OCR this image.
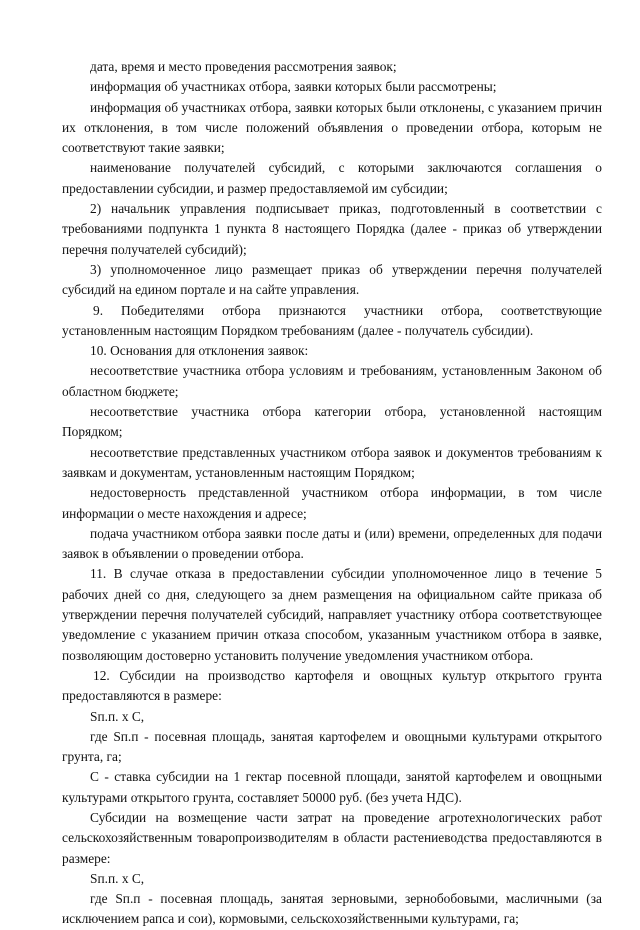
дата, время и место проведения рассмотрения заявок;

информация об участниках отбора, заявки которых были рассмотрены;

информация об участниках отбора, заявки которых были отклонены, с указанием причин их отклонения, в том числе положений объявления о проведении отбора, которым не соответствуют такие заявки;

наименование получателей субсидий, с которыми заключаются соглашения о предоставлении субсидии, и размер предоставляемой им субсидии;

2) начальник управления подписывает приказ, подготовленный в соответствии с требованиями подпункта 1 пункта 8 настоящего Порядка (далее - приказ об утверждении перечня получателей субсидий);

3) уполномоченное лицо размещает приказ об утверждении перечня получателей субсидий на едином портале и на сайте управления.

9. Победителями отбора признаются участники отбора, соответствующие установленным настоящим Порядком требованиям (далее - получатель субсидии).

10. Основания для отклонения заявок:

несоответствие участника отбора условиям и требованиям, установленным Законом об областном бюджете;

несоответствие участника отбора категории отбора, установленной настоящим Порядком;

несоответствие представленных участником отбора заявок и документов требованиям к заявкам и документам, установленным настоящим Порядком;

недостоверность представленной участником отбора информации, в том числе информации о месте нахождения и адресе;

подача участником отбора заявки после даты и (или) времени, определенных для подачи заявок в объявлении о проведении отбора.

11. В случае отказа в предоставлении субсидии уполномоченное лицо в течение 5 рабочих дней со дня, следующего за днем размещения на официальном сайте приказа об утверждении перечня получателей субсидий, направляет участнику отбора соответствующее уведомление с указанием причин отказа способом, указанным участником отбора в заявке, позволяющим достоверно установить получение уведомления участником отбора.

12. Субсидии на производство картофеля и овощных культур открытого грунта предоставляются в размере:

Sп.п. x C,

где Sп.п - посевная площадь, занятая картофелем и овощными культурами открытого грунта, га;

C - ставка субсидии на 1 гектар посевной площади, занятой картофелем и овощными культурами открытого грунта, составляет 50000 руб. (без учета НДС).

Субсидии на возмещение части затрат на проведение агротехнологических работ сельскохозяйственным товаропроизводителям в области растениеводства предоставляются в размере:

Sп.п. x C,

где Sп.п - посевная площадь, занятая зерновыми, зернобобовыми, масличными (за исключением рапса и сои), кормовыми, сельскохозяйственными культурами, га;
